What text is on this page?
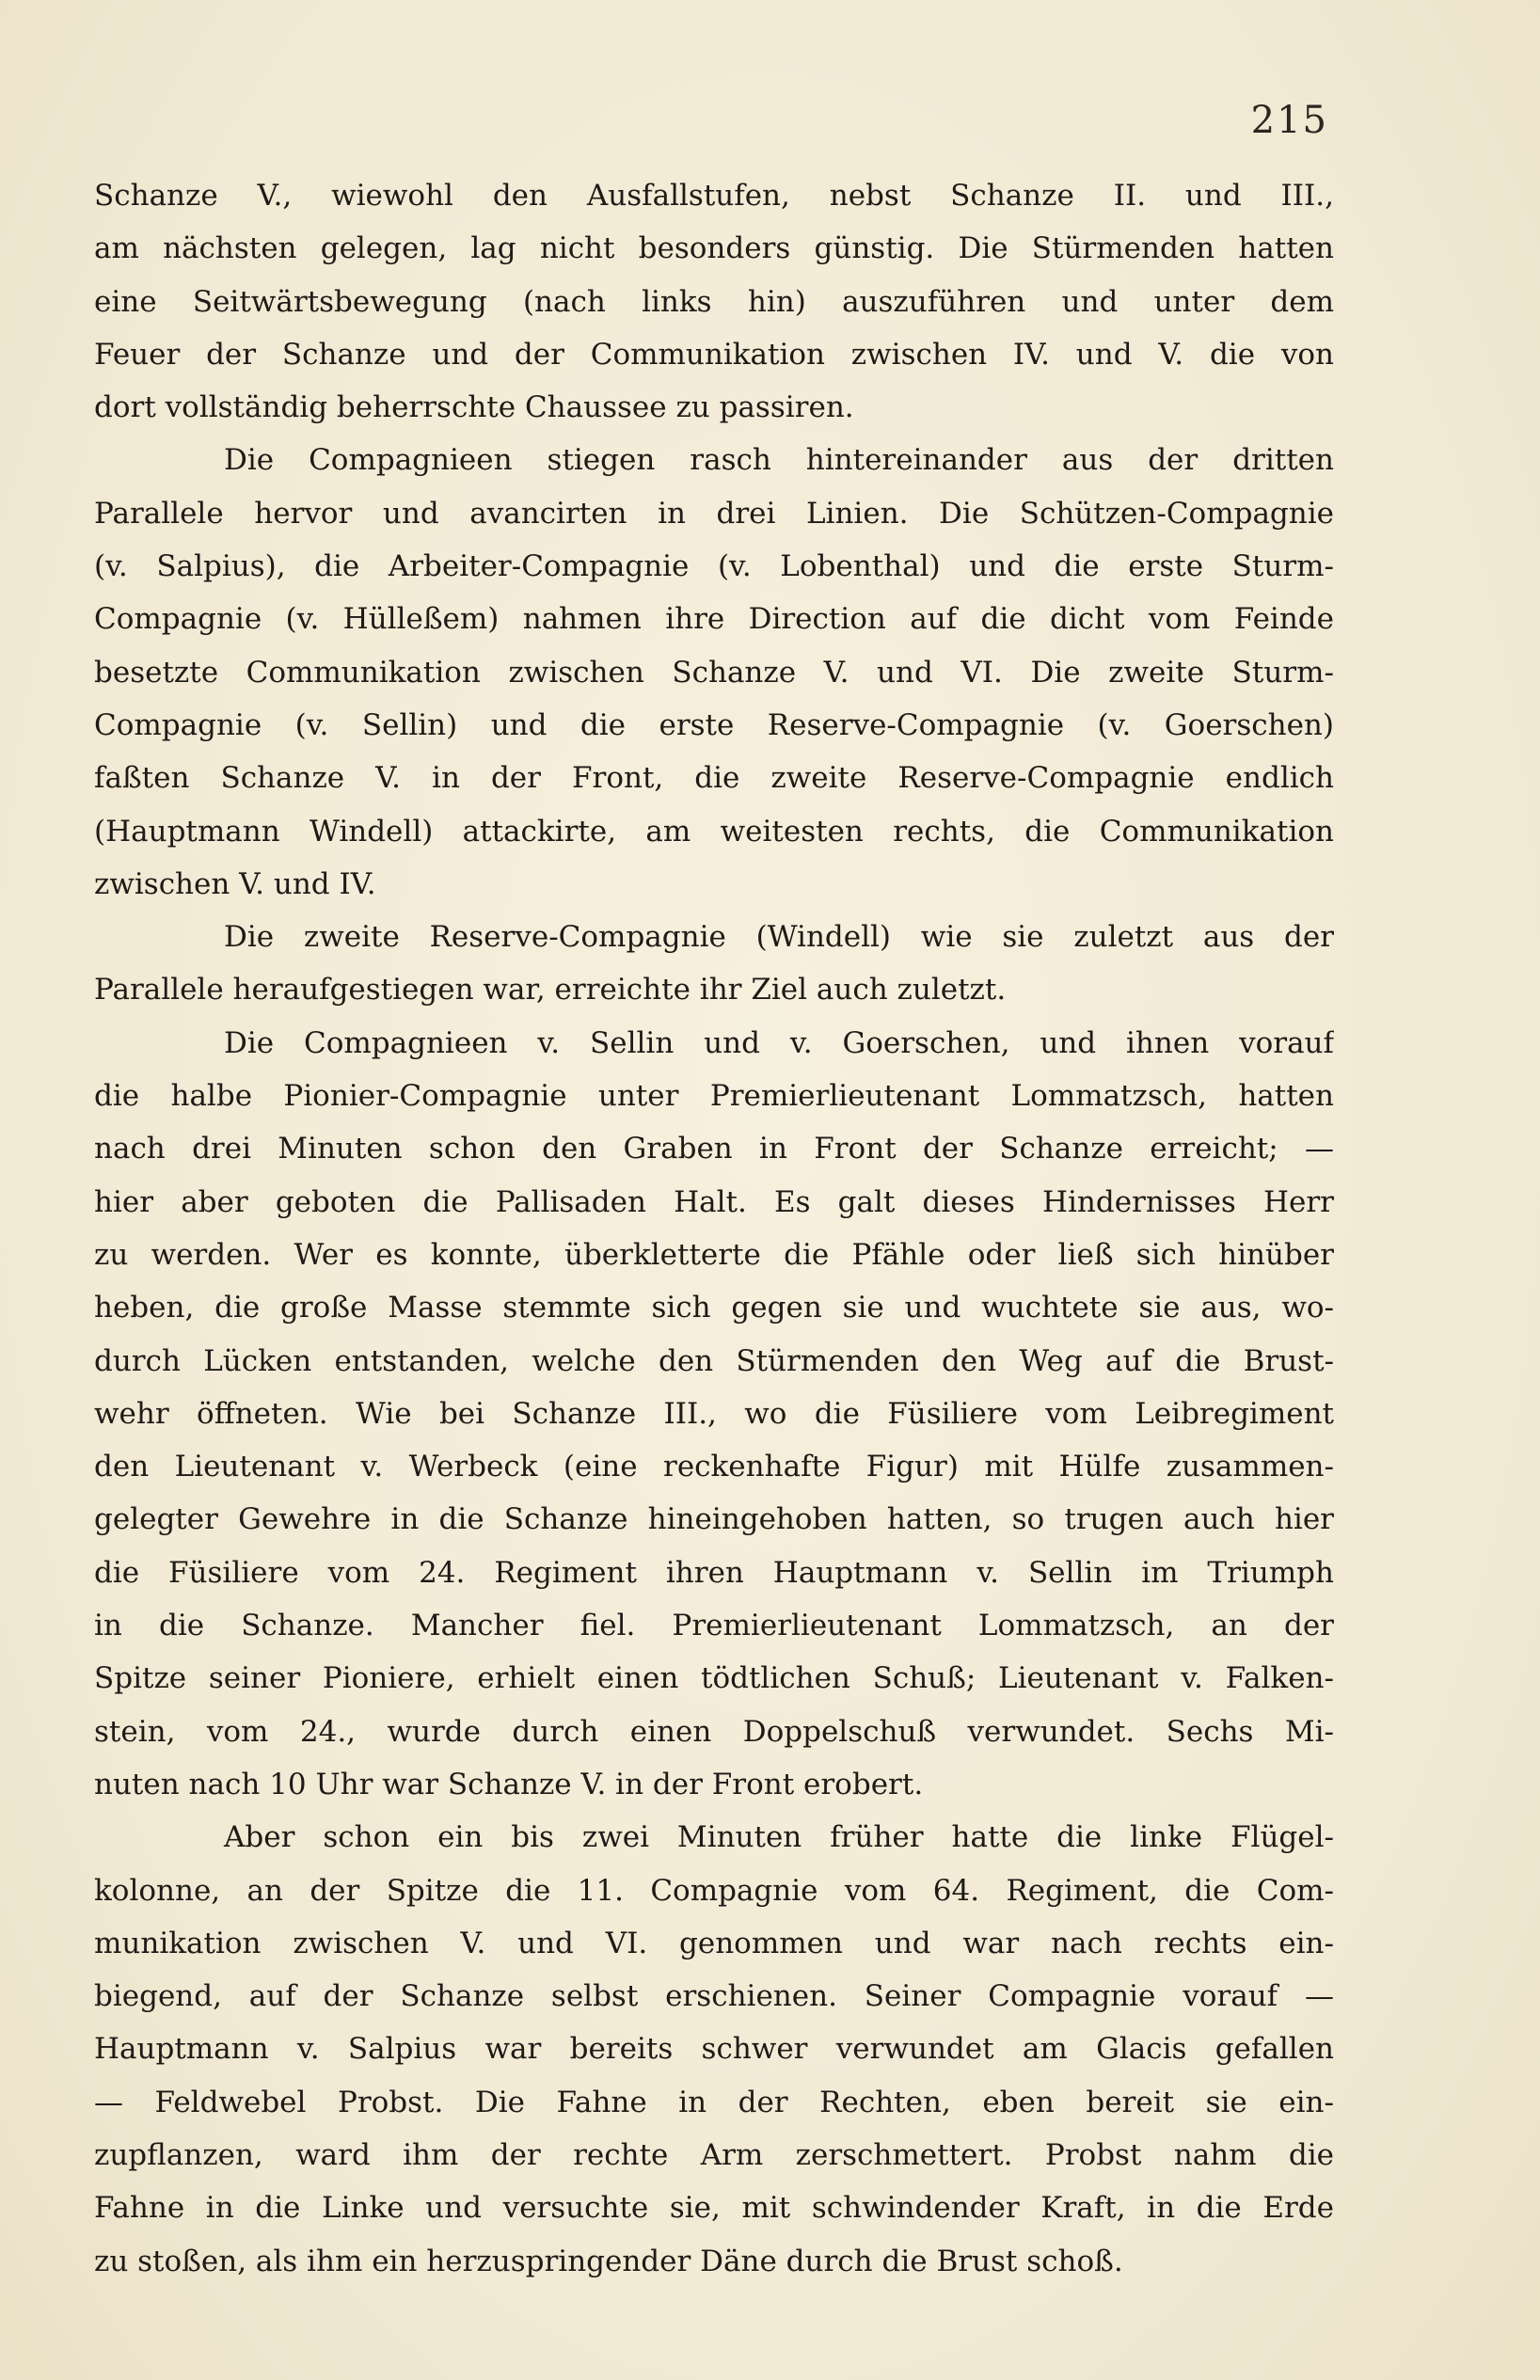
215
Schanze V., wiewohl den Ausfallstufen, nebst Schanze II. und III.,
am nächsten gelegen, lag nicht besonders günstig. Die Stürmenden hatten
eine Seitwärtsbewegung (nach links hin) auszuführen und unter dem
Feuer der Schanze und der Communikation zwischen IV. und V. die von
dort vollständig beherrschte Chaussee zu passiren.
Die Compagnieen stiegen rasch hintereinander aus der dritten
Parallele hervor und avancirten in drei Linien. Die Schützen-Compagnie
(v. Salpius), die Arbeiter-Compagnie (v. Lobenthal) und die erste Sturm-
Compagnie (v. Hülleßem) nahmen ihre Direction auf die dicht vom Feinde
besetzte Communikation zwischen Schanze V. und VI. Die zweite Sturm-
Compagnie (v. Sellin) und die erste Reserve-Compagnie (v. Goerschen)
faßten Schanze V. in der Front, die zweite Reserve-Compagnie endlich
(Hauptmann Windell) attackirte, am weitesten rechts, die Communikation
zwischen V. und IV.
Die zweite Reserve-Compagnie (Windell) wie sie zuletzt aus der
Parallele heraufgestiegen war, erreichte ihr Ziel auch zuletzt.
Die Compagnieen v. Sellin und v. Goerschen, und ihnen vorauf
die halbe Pionier-Compagnie unter Premierlieutenant Lommatzsch, hatten
nach drei Minuten schon den Graben in Front der Schanze erreicht; —
hier aber geboten die Pallisaden Halt. Es galt dieses Hindernisses Herr
zu werden. Wer es konnte, überkletterte die Pfähle oder ließ sich hinüber
heben, die große Masse stemmte sich gegen sie und wuchtete sie aus, wo-
durch Lücken entstanden, welche den Stürmenden den Weg auf die Brust-
wehr öffneten. Wie bei Schanze III., wo die Füsiliere vom Leibregiment
den Lieutenant v. Werbeck (eine reckenhafte Figur) mit Hülfe zusammen-
gelegter Gewehre in die Schanze hineingehoben hatten, so trugen auch hier
die Füsiliere vom 24. Regiment ihren Hauptmann v. Sellin im Triumph
in die Schanze. Mancher fiel. Premierlieutenant Lommatzsch, an der
Spitze seiner Pioniere, erhielt einen tödtlichen Schuß; Lieutenant v. Falken-
stein, vom 24., wurde durch einen Doppelschuß verwundet. Sechs Mi-
nuten nach 10 Uhr war Schanze V. in der Front erobert.
Aber schon ein bis zwei Minuten früher hatte die linke Flügel-
kolonne, an der Spitze die 11. Compagnie vom 64. Regiment, die Com-
munikation zwischen V. und VI. genommen und war nach rechts ein-
biegend, auf der Schanze selbst erschienen. Seiner Compagnie vorauf —
Hauptmann v. Salpius war bereits schwer verwundet am Glacis gefallen
— Feldwebel Probst. Die Fahne in der Rechten, eben bereit sie ein-
zupflanzen, ward ihm der rechte Arm zerschmettert. Probst nahm die
Fahne in die Linke und versuchte sie, mit schwindender Kraft, in die Erde
zu stoßen, als ihm ein herzuspringender Däne durch die Brust schoß.
